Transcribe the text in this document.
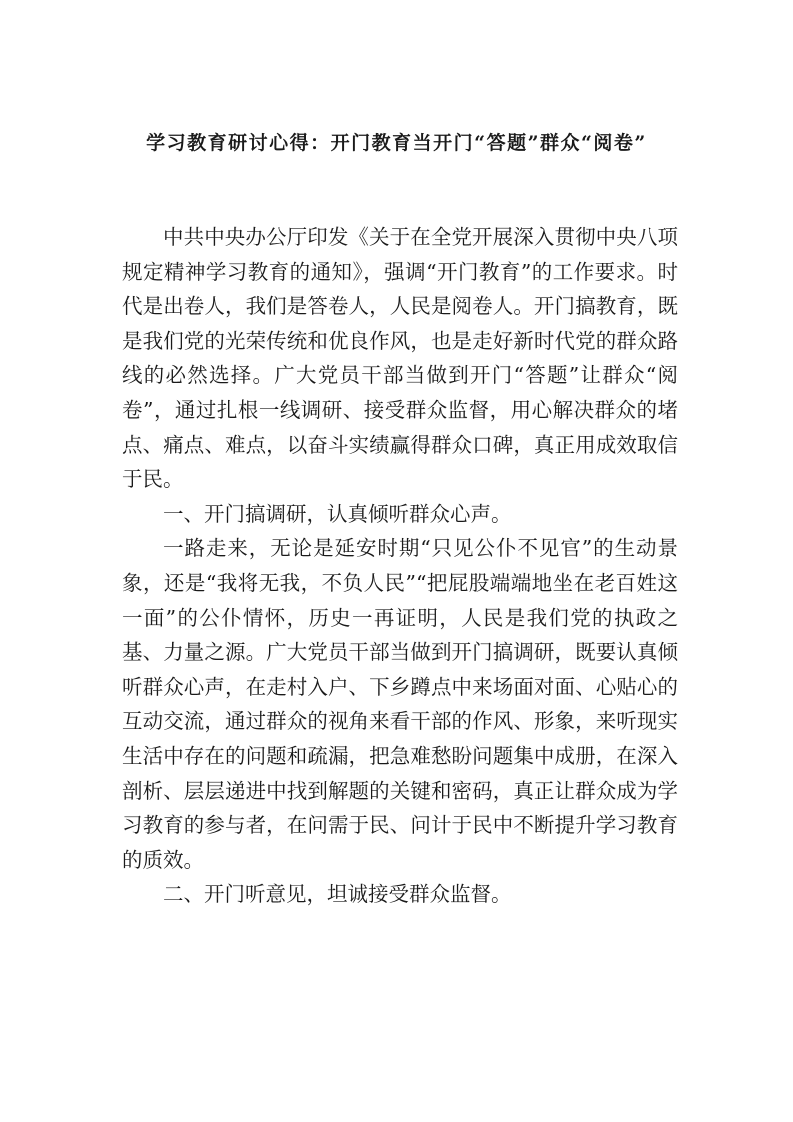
学习教育研讨心得：开门教育当开门“答题”群众“阅卷”

中共中央办公厅印发《关于在全党开展深入贯彻中央八项规定精神学习教育的通知》，强调“开门教育”的工作要求。时代是出卷人，我们是答卷人，人民是阅卷人。开门搞教育，既是我们党的光荣传统和优良作风，也是走好新时代党的群众路线的必然选择。广大党员干部当做到开门“答题”让群众“阅卷”，通过扎根一线调研、接受群众监督，用心解决群众的堵点、痛点、难点，以奋斗实绩赢得群众口碑，真正用成效取信于民。

一、开门搞调研，认真倾听群众心声。

一路走来，无论是延安时期“只见公仆不见官”的生动景象，还是“我将无我，不负人民”“把屁股端端地坐在老百姓这一面”的公仆情怀，历史一再证明，人民是我们党的执政之基、力量之源。广大党员干部当做到开门搞调研，既要认真倾听群众心声，在走村入户、下乡蹲点中来场面对面、心贴心的互动交流，通过群众的视角来看干部的作风、形象，来听现实生活中存在的问题和疏漏，把急难愁盼问题集中成册，在深入剖析、层层递进中找到解题的关键和密码，真正让群众成为学习教育的参与者，在问需于民、问计于民中不断提升学习教育的质效。

二、开门听意见，坦诚接受群众监督。
